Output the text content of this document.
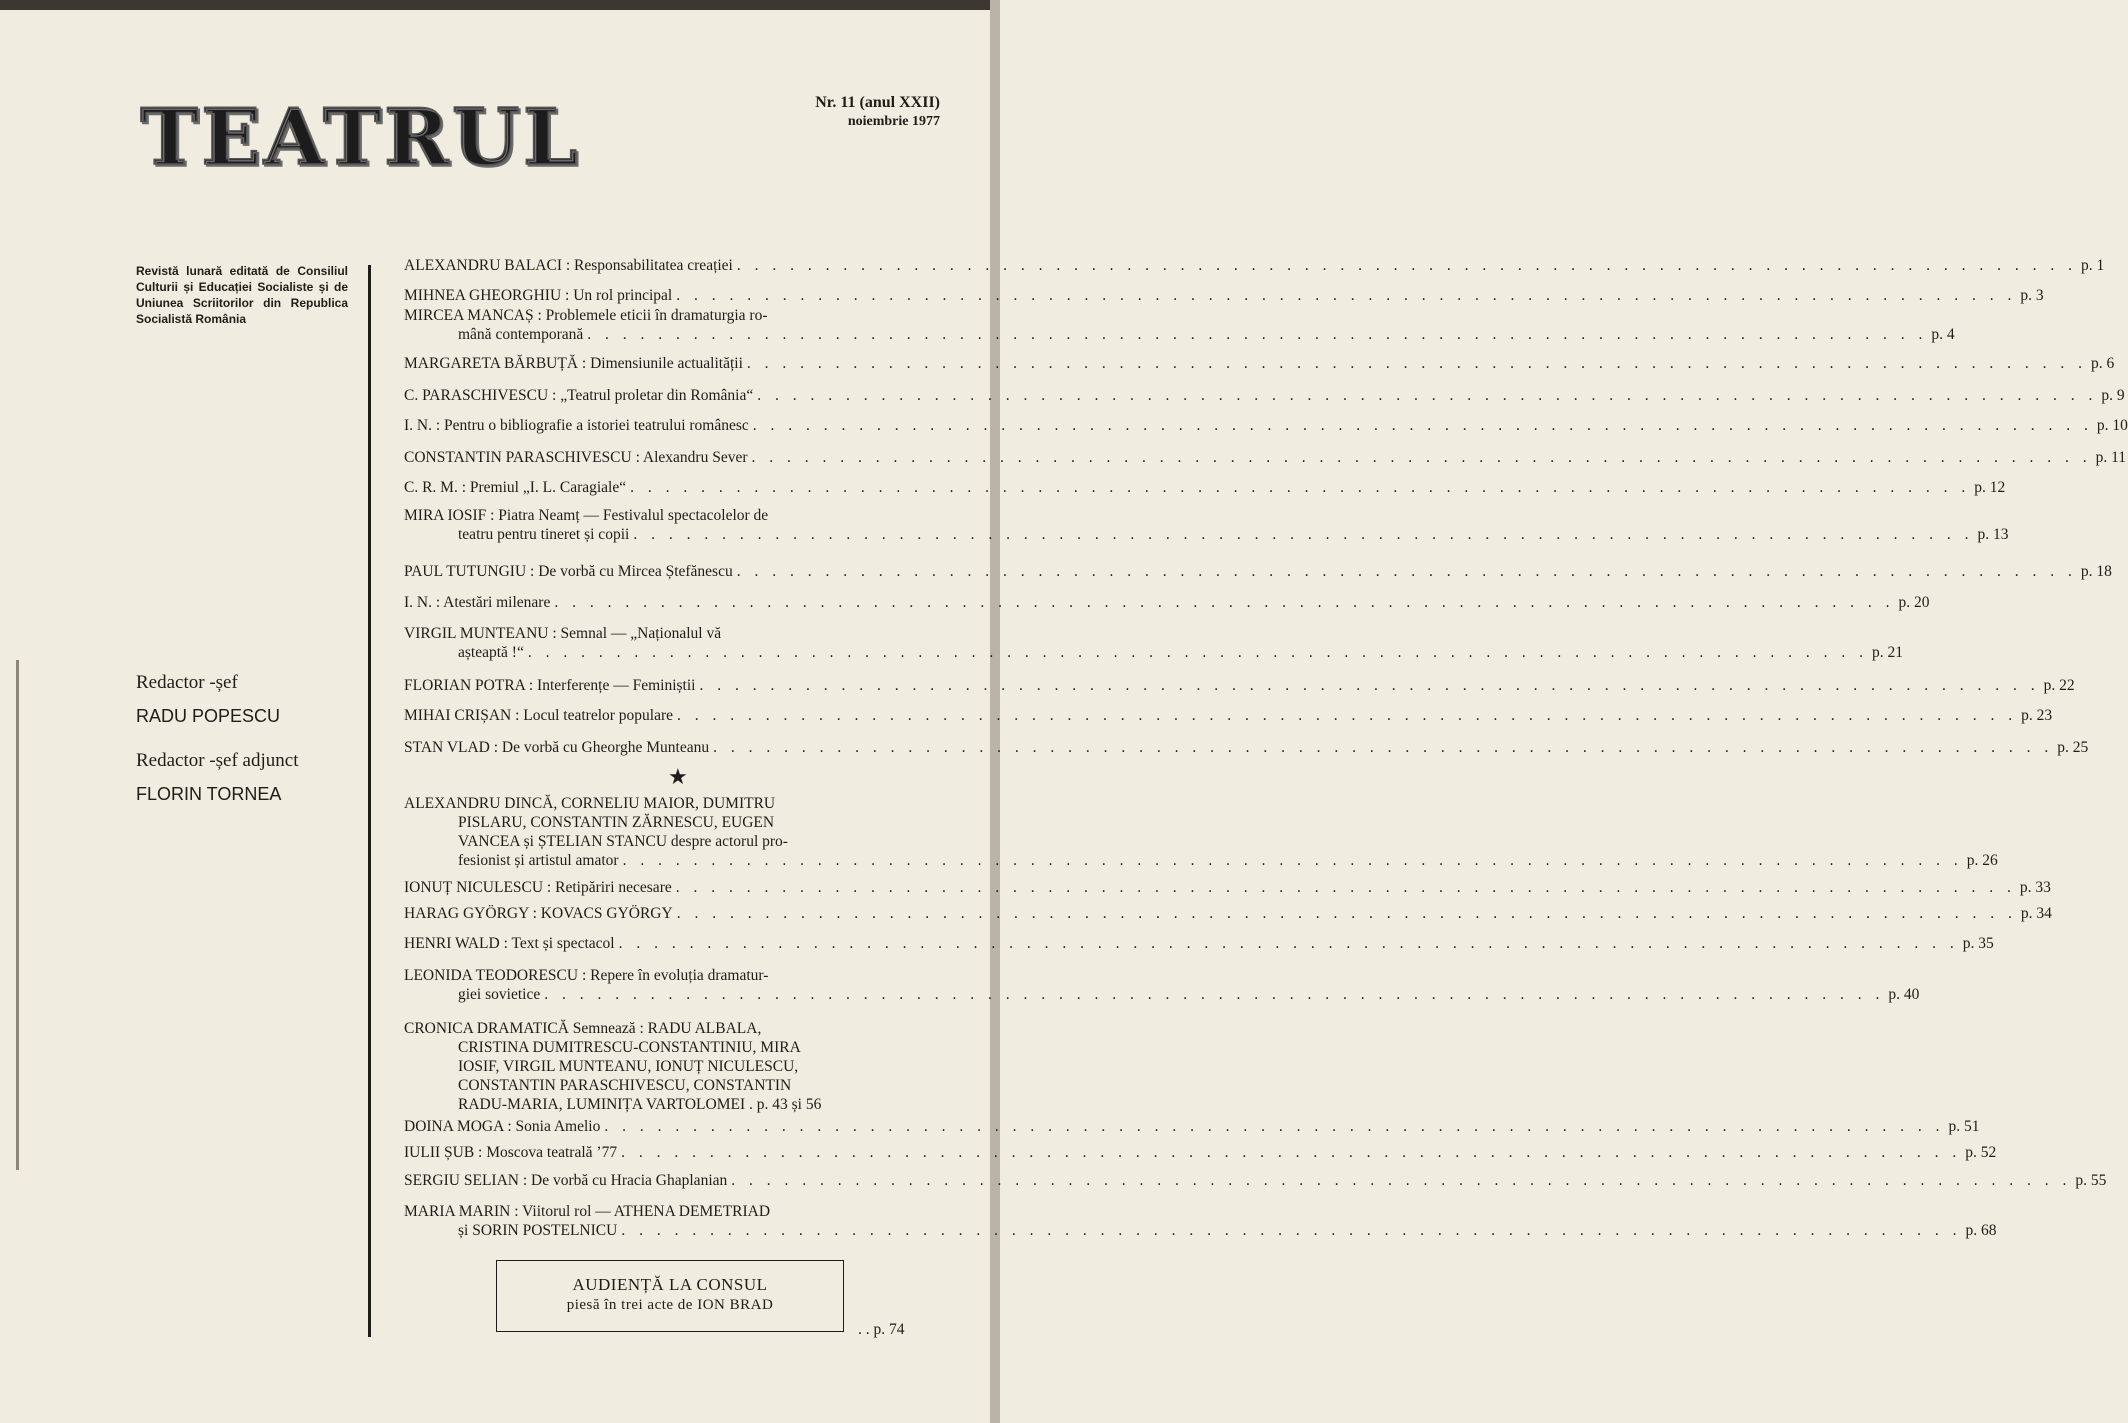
TEATRUL	Nr. 11 (anul XXII)
noiembrie 1977
Revistă lunară editată de Consiliul Culturii și Educației Socialiste și de Uniunea Scriitorilor din Republica Socialistă România

Redactor -șef

RADU POPESCU

Redactor -șef adjunct

FLORIN TORNEA

★
ALEXANDRU BALACI : Responsabilitatea creației . . .	p. 1
MIHNEA GHEORGHIU : Un rol principal . . .	p. 3
MIRCEA MANCAȘ : Problemele eticii în dramaturgia ro-
mână contemporană . . .	p. 4
MARGARETA BĂRBUȚĂ : Dimensiunile actualității . . .	p. 6
C. PARASCHIVESCU : „Teatrul proletar din România“ . . .	p. 9
I. N. : Pentru o bibliografie a istoriei teatrului românesc . . .	p. 10
CONSTANTIN PARASCHIVESCU : Alexandru Sever . . .	p. 11
C. R. M. : Premiul „I. L. Caragiale“ . . .	p. 12
MIRA IOSIF : Piatra Neamț — Festivalul spectacolelor de
teatru pentru tineret și copii . . .	p. 13
PAUL TUTUNGIU : De vorbă cu Mircea Ștefănescu . . .	p. 18
I. N. : Atestări milenare . . .	p. 20
VIRGIL MUNTEANU : Semnal — „Naționalul vă
așteaptă !“ . . .	p. 21
FLORIAN POTRA : Interferențe — Feminiștii . . .	p. 22
MIHAI CRIȘAN : Locul teatrelor populare . . .	p. 23
STAN VLAD : De vorbă cu Gheorghe Munteanu . . .	p. 25
ALEXANDRU DINCĂ, CORNELIU MAIOR, DUMITRU
PISLARU, CONSTANTIN ZĂRNESCU, EUGEN
VANCEA și ȘTELIAN STANCU despre actorul pro-
fesionist și artistul amator . . .	p. 26
IONUȚ NICULESCU : Retipăriri necesare . . .	p. 33
HARAG GYÖRGY : KOVACS GYÖRGY . . .	p. 34
HENRI WALD : Text și spectacol . . .	p. 35
LEONIDA TEODORESCU : Repere în evoluția dramatur-
giei sovietice . . .	p. 40
CRONICA DRAMATICĂ Semnează : RADU ALBALA,
CRISTINA DUMITRESCU-CONSTANTINIU, MIRA
IOSIF, VIRGIL MUNTEANU, IONUȚ NICULESCU,
CONSTANTIN PARASCHIVESCU, CONSTANTIN
RADU-MARIA, LUMINIȚA VARTOLOMEI . p. 43 și 56
DOINA MOGA : Sonia Amelio . . .	p. 51
IULII ȘUB : Moscova teatrală ’77 . . .	p. 52
SERGIU SELIAN : De vorbă cu Hracia Ghaplanian . . .	p. 55
MARIA MARIN : Viitorul rol — ATHENA DEMETRIAD
și SORIN POSTELNICU . . .	p. 68
AUDIENȚĂ LA CONSUL
piesă în trei acte de ION BRAD
. . p. 74
